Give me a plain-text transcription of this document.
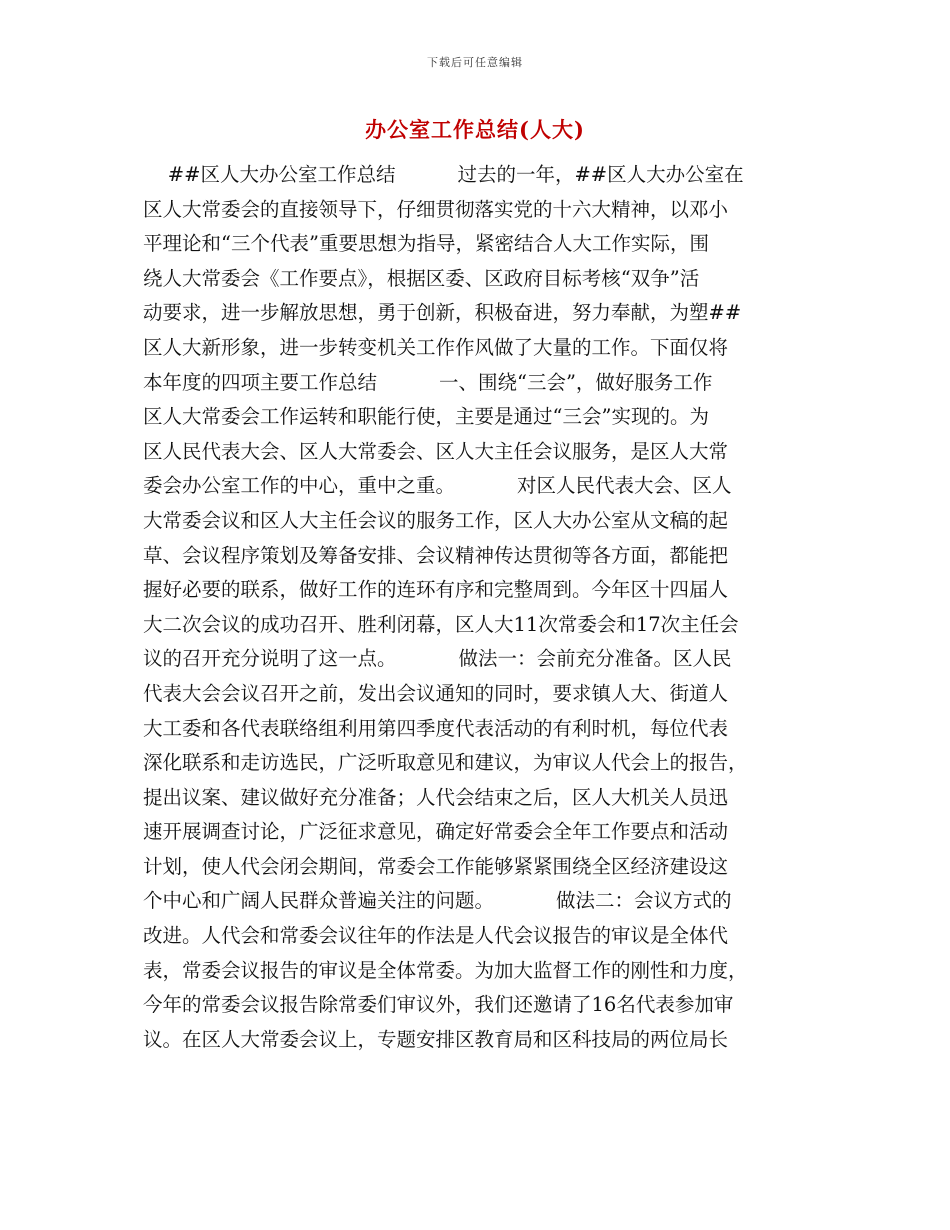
下载后可任意编辑
办公室工作总结(人大)
##区人大办公室工作总结          过去的一年，##区人大办公室在
区人大常委会的直接领导下，仔细贯彻落实党的十六大精神，以邓小
平理论和“三个代表”重要思想为指导，紧密结合人大工作实际，围
绕人大常委会《工作要点》，根据区委、区政府目标考核“双争”活
动要求，进一步解放思想，勇于创新，积极奋进，努力奉献，为塑##
区人大新形象，进一步转变机关工作作风做了大量的工作。下面仅将
本年度的四项主要工作总结          一、围绕“三会”，做好服务工作
区人大常委会工作运转和职能行使，主要是通过“三会”实现的。为
区人民代表大会、区人大常委会、区人大主任会议服务，是区人大常
委会办公室工作的中心，重中之重。          对区人民代表大会、区人
大常委会议和区人大主任会议的服务工作，区人大办公室从文稿的起
草、会议程序策划及筹备安排、会议精神传达贯彻等各方面，都能把
握好必要的联系，做好工作的连环有序和完整周到。今年区十四届人
大二次会议的成功召开、胜利闭幕，区人大11次常委会和17次主任会
议的召开充分说明了这一点。          做法一：会前充分准备。区人民
代表大会会议召开之前，发出会议通知的同时，要求镇人大、街道人
大工委和各代表联络组利用第四季度代表活动的有利时机，每位代表
深化联系和走访选民，广泛听取意见和建议，为审议人代会上的报告，
提出议案、建议做好充分准备；人代会结束之后，区人大机关人员迅
速开展调查讨论，广泛征求意见，确定好常委会全年工作要点和活动
计划，使人代会闭会期间，常委会工作能够紧紧围绕全区经济建设这
个中心和广阔人民群众普遍关注的问题。          做法二：会议方式的
改进。人代会和常委会议往年的作法是人代会议报告的审议是全体代
表，常委会议报告的审议是全体常委。为加大监督工作的刚性和力度，
今年的常委会议报告除常委们审议外，我们还邀请了16名代表参加审
议。在区人大常委会议上，专题安排区教育局和区科技局的两位局长
